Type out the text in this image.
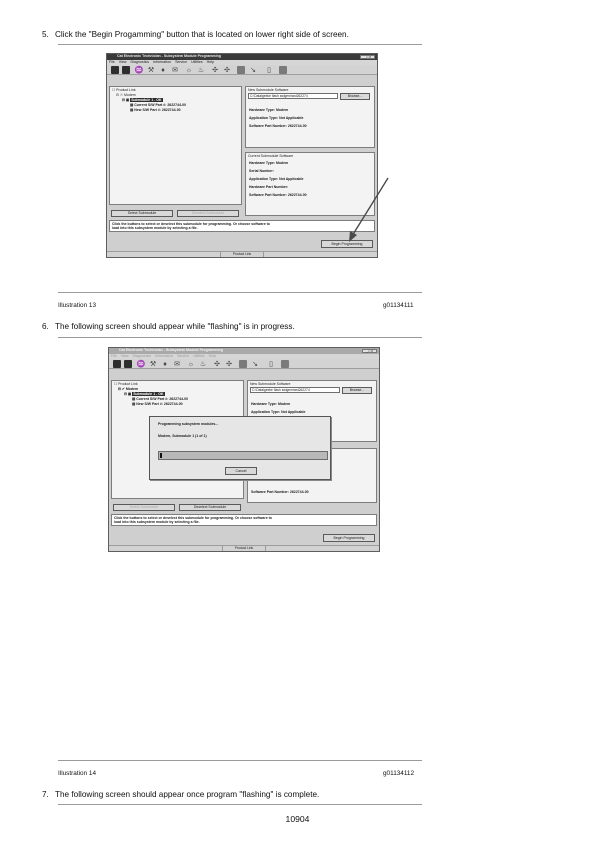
5. Click the "Begin Progamming" button that is located on lower right side of screen.
Cat Electronic Technician - Subsystem Module Programming	_ □ X
File View Diagnostics Information Service Utilities Help
♒ ⚒	♦	✉ ☼ ♨ ✣ ✣	↘ ▯
☐ Product Link
⊟ ☉ Modem
⊟ ▣ Submodule 1 - OK
▤ Current S/W Part #: 2622744-00
▤ New S/W Part #: 2622744-00
New Submodule Software
C:\Datalgeeke flash swlgem\wst262274	Browse...
Hardware Type: Modem
Application Type: Not Applicable
Software Part Number: 2622744-00
Current Submodule Software
Hardware Type: Modem
Serial Number:
Application Type: Not Applicable
Hardware Part Number:
Software Part Number: 2622744-00
Select Submodule	Deselect Submodule
Click the buttons to select or deselect this submodule for programming. Or choose software to load into this subsystem module by selecting a file.
Begin Programming
Product Link
Illustration 13	g01134111
6. The following screen should appear while "flashing" is in progress.
Cat Electronic Technician - Subsystem Module Programming	_ □ X
File View Diagnostics Information Service Utilities Help
♒ ⚒	♦	✉ ☼ ♨ ✣ ✣	↘ ▯
☐ Product Link
⊟ ✔ Modem
⊟ ▣ Submodule 1 - OK
▤ Current S/W Part #: 2622744-00
▤ New S/W Part #: 2622744-00
New Submodule Software
C:\Datalgeeke flash swlgem\wst262274	Browse...
Hardware Type: Modem
Application Type: Not Applicable
Software Part Number: 2622744-00
Programming subsystem modules...
Modem, Submodule 1 (1 of 1)
Cancel
Select Submodule	Deselect Submodule
Click the buttons to select or deselect this submodule for programming. Or choose software to load into this subsystem module by selecting a file.
Begin Programming
Product Link
Illustration 14	g01134112
7. The following screen should appear once program "flashing" is complete.
10904
